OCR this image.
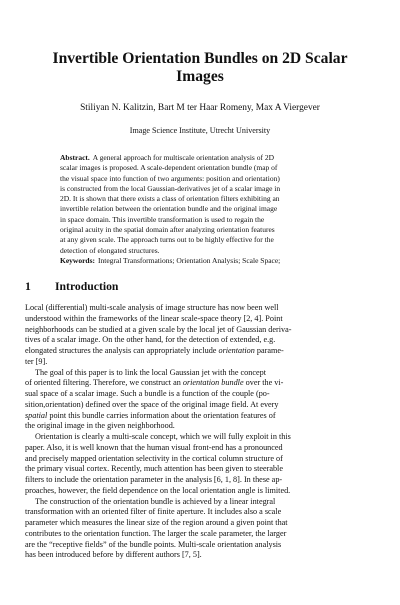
Invertible Orientation Bundles on 2D Scalar
Images
Stiliyan N. Kalitzin, Bart M ter Haar Romeny, Max A Viergever
Image Science Institute, Utrecht University
Abstract. A general approach for multiscale orientation analysis of 2D
scalar images is proposed. A scale-dependent orientation bundle (map of
the visual space into function of two arguments: position and orientation)
is constructed from the local Gaussian-derivatives jet of a scalar image in
2D. It is shown that there exists a class of orientation filters exhibiting an
invertible relation between the orientation bundle and the original image
in space domain. This invertible transformation is used to regain the
original acuity in the spatial domain after analyzing orientation features
at any given scale. The approach turns out to be highly effective for the
detection of elongated structures.
Keywords: Integral Transformations; Orientation Analysis; Scale Space;
1 Introduction
Local (differential) multi-scale analysis of image structure has now been well
understood within the frameworks of the linear scale-space theory [2, 4]. Point
neighborhoods can be studied at a given scale by the local jet of Gaussian deriva-
tives of a scalar image. On the other hand, for the detection of extended, e.g.
elongated structures the analysis can appropriately include orientation parame-
ter [9].
The goal of this paper is to link the local Gaussian jet with the concept
of oriented filtering. Therefore, we construct an orientation bundle over the vi-
sual space of a scalar image. Such a bundle is a function of the couple (po-
sition,orientation) defined over the space of the original image field. At every
spatial point this bundle carries information about the orientation features of
the original image in the given neighborhood.
Orientation is clearly a multi-scale concept, which we will fully exploit in this
paper. Also, it is well known that the human visual front-end has a pronounced
and precisely mapped orientation selectivity in the cortical column structure of
the primary visual cortex. Recently, much attention has been given to steerable
filters to include the orientation parameter in the analysis [6, 1, 8]. In these ap-
proaches, however, the field dependence on the local orientation angle is limited.
The construction of the orientation bundle is achieved by a linear integral
transformation with an oriented filter of finite aperture. It includes also a scale
parameter which measures the linear size of the region around a given point that
contributes to the orientation function. The larger the scale parameter, the larger
are the “receptive fields” of the bundle points. Multi-scale orientation analysis
has been introduced before by different authors [7, 5].
